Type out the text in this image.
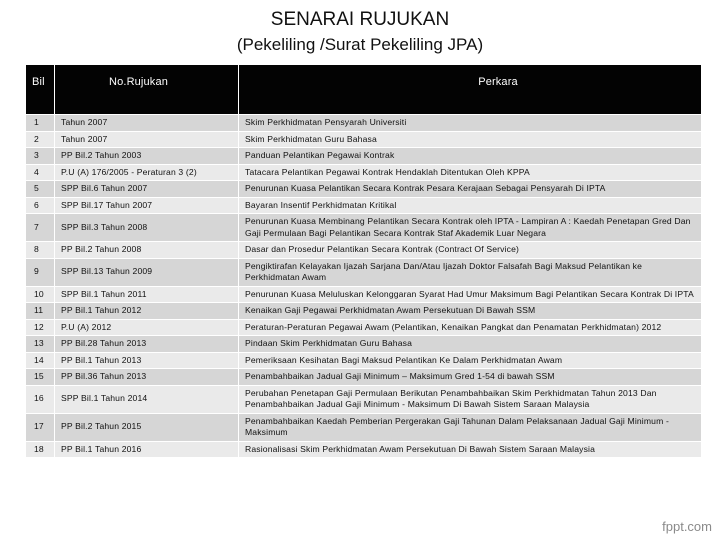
SENARAI RUJUKAN
(Pekeliling /Surat Pekeliling JPA)
Bil	No.Rujukan	Perkara
1	Tahun 2007	Skim Perkhidmatan Pensyarah Universiti
2	Tahun 2007	Skim Perkhidmatan Guru Bahasa
3	PP Bil.2 Tahun 2003	Panduan Pelantikan Pegawai Kontrak
4	P.U (A) 176/2005 - Peraturan 3 (2)	Tatacara Pelantikan Pegawai Kontrak Hendaklah Ditentukan Oleh KPPA
5	SPP Bil.6 Tahun 2007	Penurunan Kuasa Pelantikan Secara Kontrak Pesara Kerajaan Sebagai Pensyarah Di IPTA
6	SPP Bil.17 Tahun 2007	Bayaran Insentif Perkhidmatan Kritikal
7	SPP Bil.3 Tahun 2008	Penurunan Kuasa Membinang Pelantikan Secara Kontrak oleh IPTA - Lampiran A : Kaedah Penetapan Gred Dan Gaji Permulaan Bagi Pelantikan Secara Kontrak Staf Akademik Luar Negara
8	PP Bil.2 Tahun 2008	Dasar dan Prosedur Pelantikan Secara Kontrak (Contract Of Service)
9	SPP Bil.13 Tahun 2009	Pengiktirafan Kelayakan Ijazah Sarjana Dan/Atau Ijazah Doktor Falsafah Bagi Maksud Pelantikan ke Perkhidmatan Awam
10	SPP Bil.1 Tahun 2011	Penurunan Kuasa Meluluskan Kelonggaran Syarat Had Umur Maksimum Bagi Pelantikan Secara Kontrak Di IPTA
11	PP Bil.1 Tahun 2012	Kenaikan Gaji Pegawai Perkhidmatan Awam Persekutuan Di Bawah SSM
12	P.U (A) 2012	Peraturan-Peraturan Pegawai Awam (Pelantikan, Kenaikan Pangkat dan Penamatan Perkhidmatan) 2012
13	PP Bil.28 Tahun 2013	Pindaan Skim Perkhidmatan Guru Bahasa
14	PP Bil.1 Tahun 2013	Pemeriksaan Kesihatan Bagi Maksud Pelantikan Ke Dalam Perkhidmatan Awam
15	PP Bil.36 Tahun 2013	Penambahbaikan Jadual Gaji Minimum – Maksimum Gred 1-54 di bawah SSM
16	SPP Bil.1 Tahun 2014	Perubahan Penetapan Gaji Permulaan Berikutan Penambahbaikan Skim Perkhidmatan Tahun 2013 Dan Penambahbaikan Jadual Gaji Minimum - Maksimum Di Bawah Sistem Saraan Malaysia
17	PP Bil.2 Tahun 2015	Penambahbaikan Kaedah Pemberian Pergerakan Gaji Tahunan Dalam Pelaksanaan Jadual Gaji Minimum - Maksimum
18	PP Bil.1 Tahun 2016	Rasionalisasi Skim Perkhidmatan Awam Persekutuan Di Bawah Sistem Saraan Malaysia
fppt.com
